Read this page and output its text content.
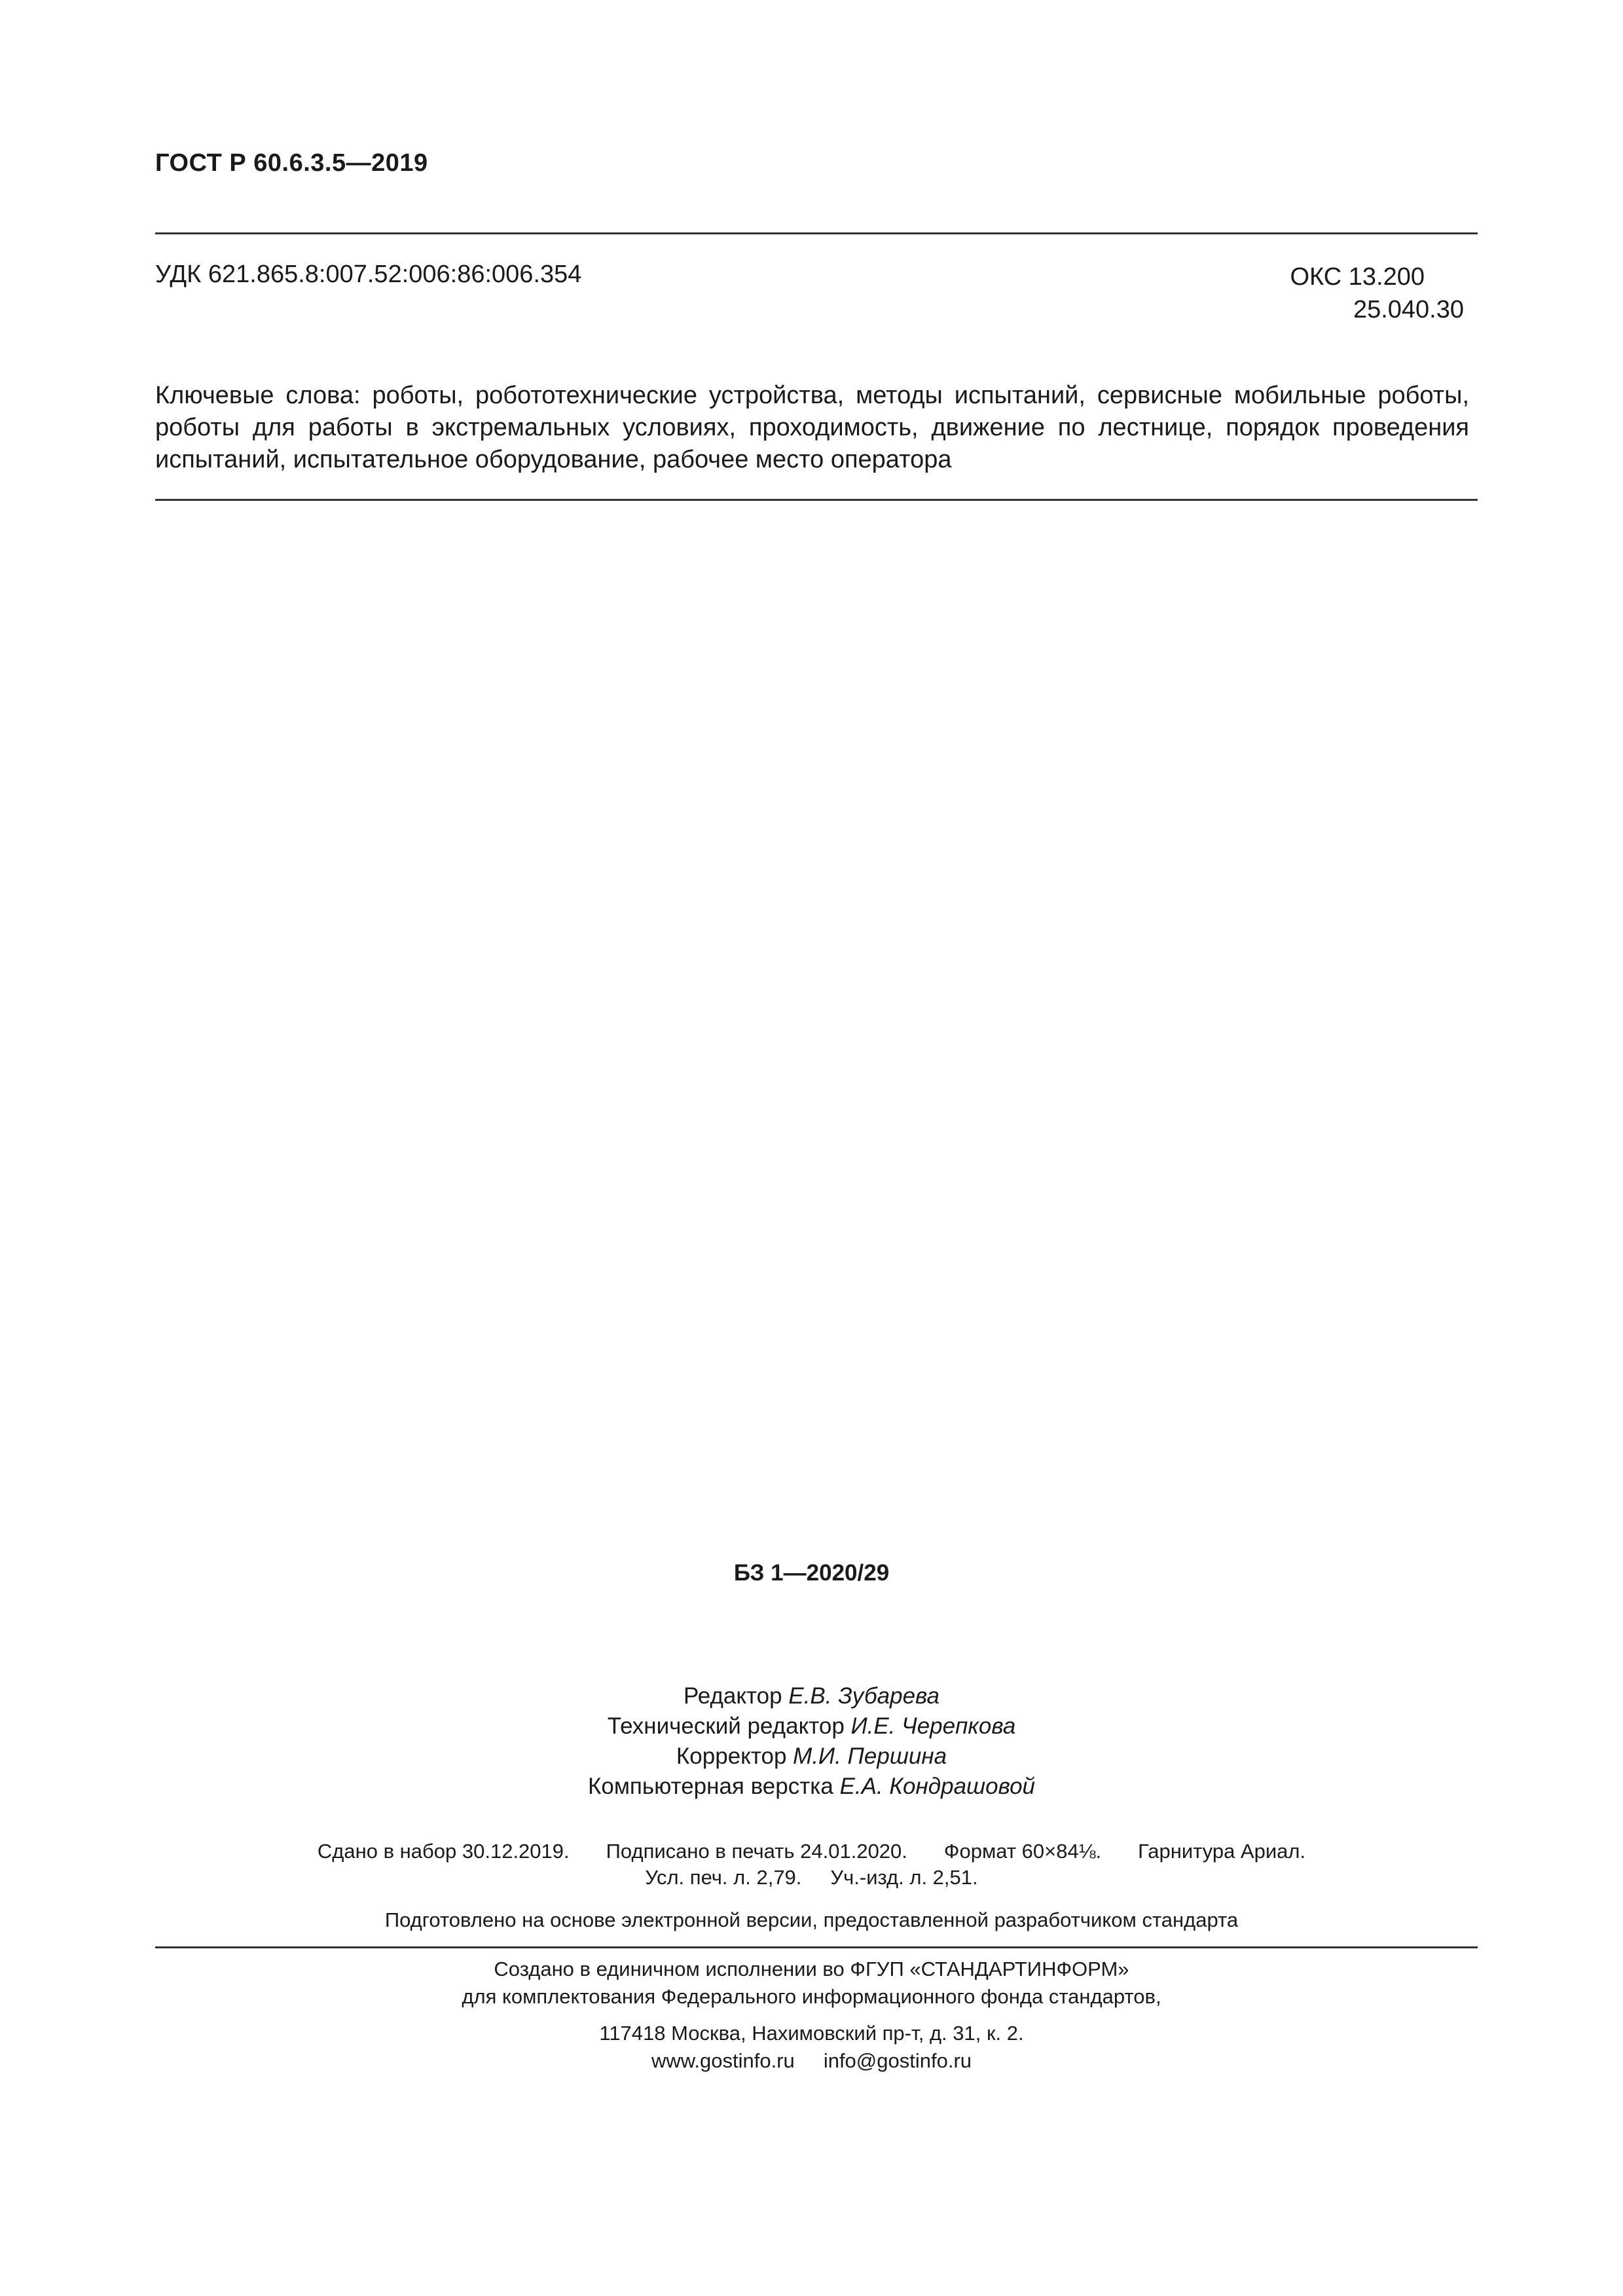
ГОСТ Р 60.6.3.5—2019
УДК 621.865.8:007.52:006:86:006.354	ОКС 13.200
25.040.30
Ключевые слова: роботы, робототехнические устройства, методы испытаний, сервисные мобильные роботы, роботы для работы в экстремальных условиях, проходимость, движение по лестнице, порядок проведения испытаний, испытательное оборудование, рабочее место оператора
БЗ 1—2020/29
Редактор Е.В. Зубарева
Технический редактор И.Е. Черепкова
Корректор М.И. Першина
Компьютерная верстка Е.А. Кондрашовой
Сдано в набор 30.12.2019. Подписано в печать 24.01.2020. Формат 60×84⅛. Гарнитура Ариал.
Усл. печ. л. 2,79. Уч.-изд. л. 2,51.
Подготовлено на основе электронной версии, предоставленной разработчиком стандарта
Создано в единичном исполнении во ФГУП «СТАНДАРТИНФОРМ»
для комплектования Федерального информационного фонда стандартов,
117418 Москва, Нахимовский пр-т, д. 31, к. 2.
www.gostinfo.ru info@gostinfo.ru
